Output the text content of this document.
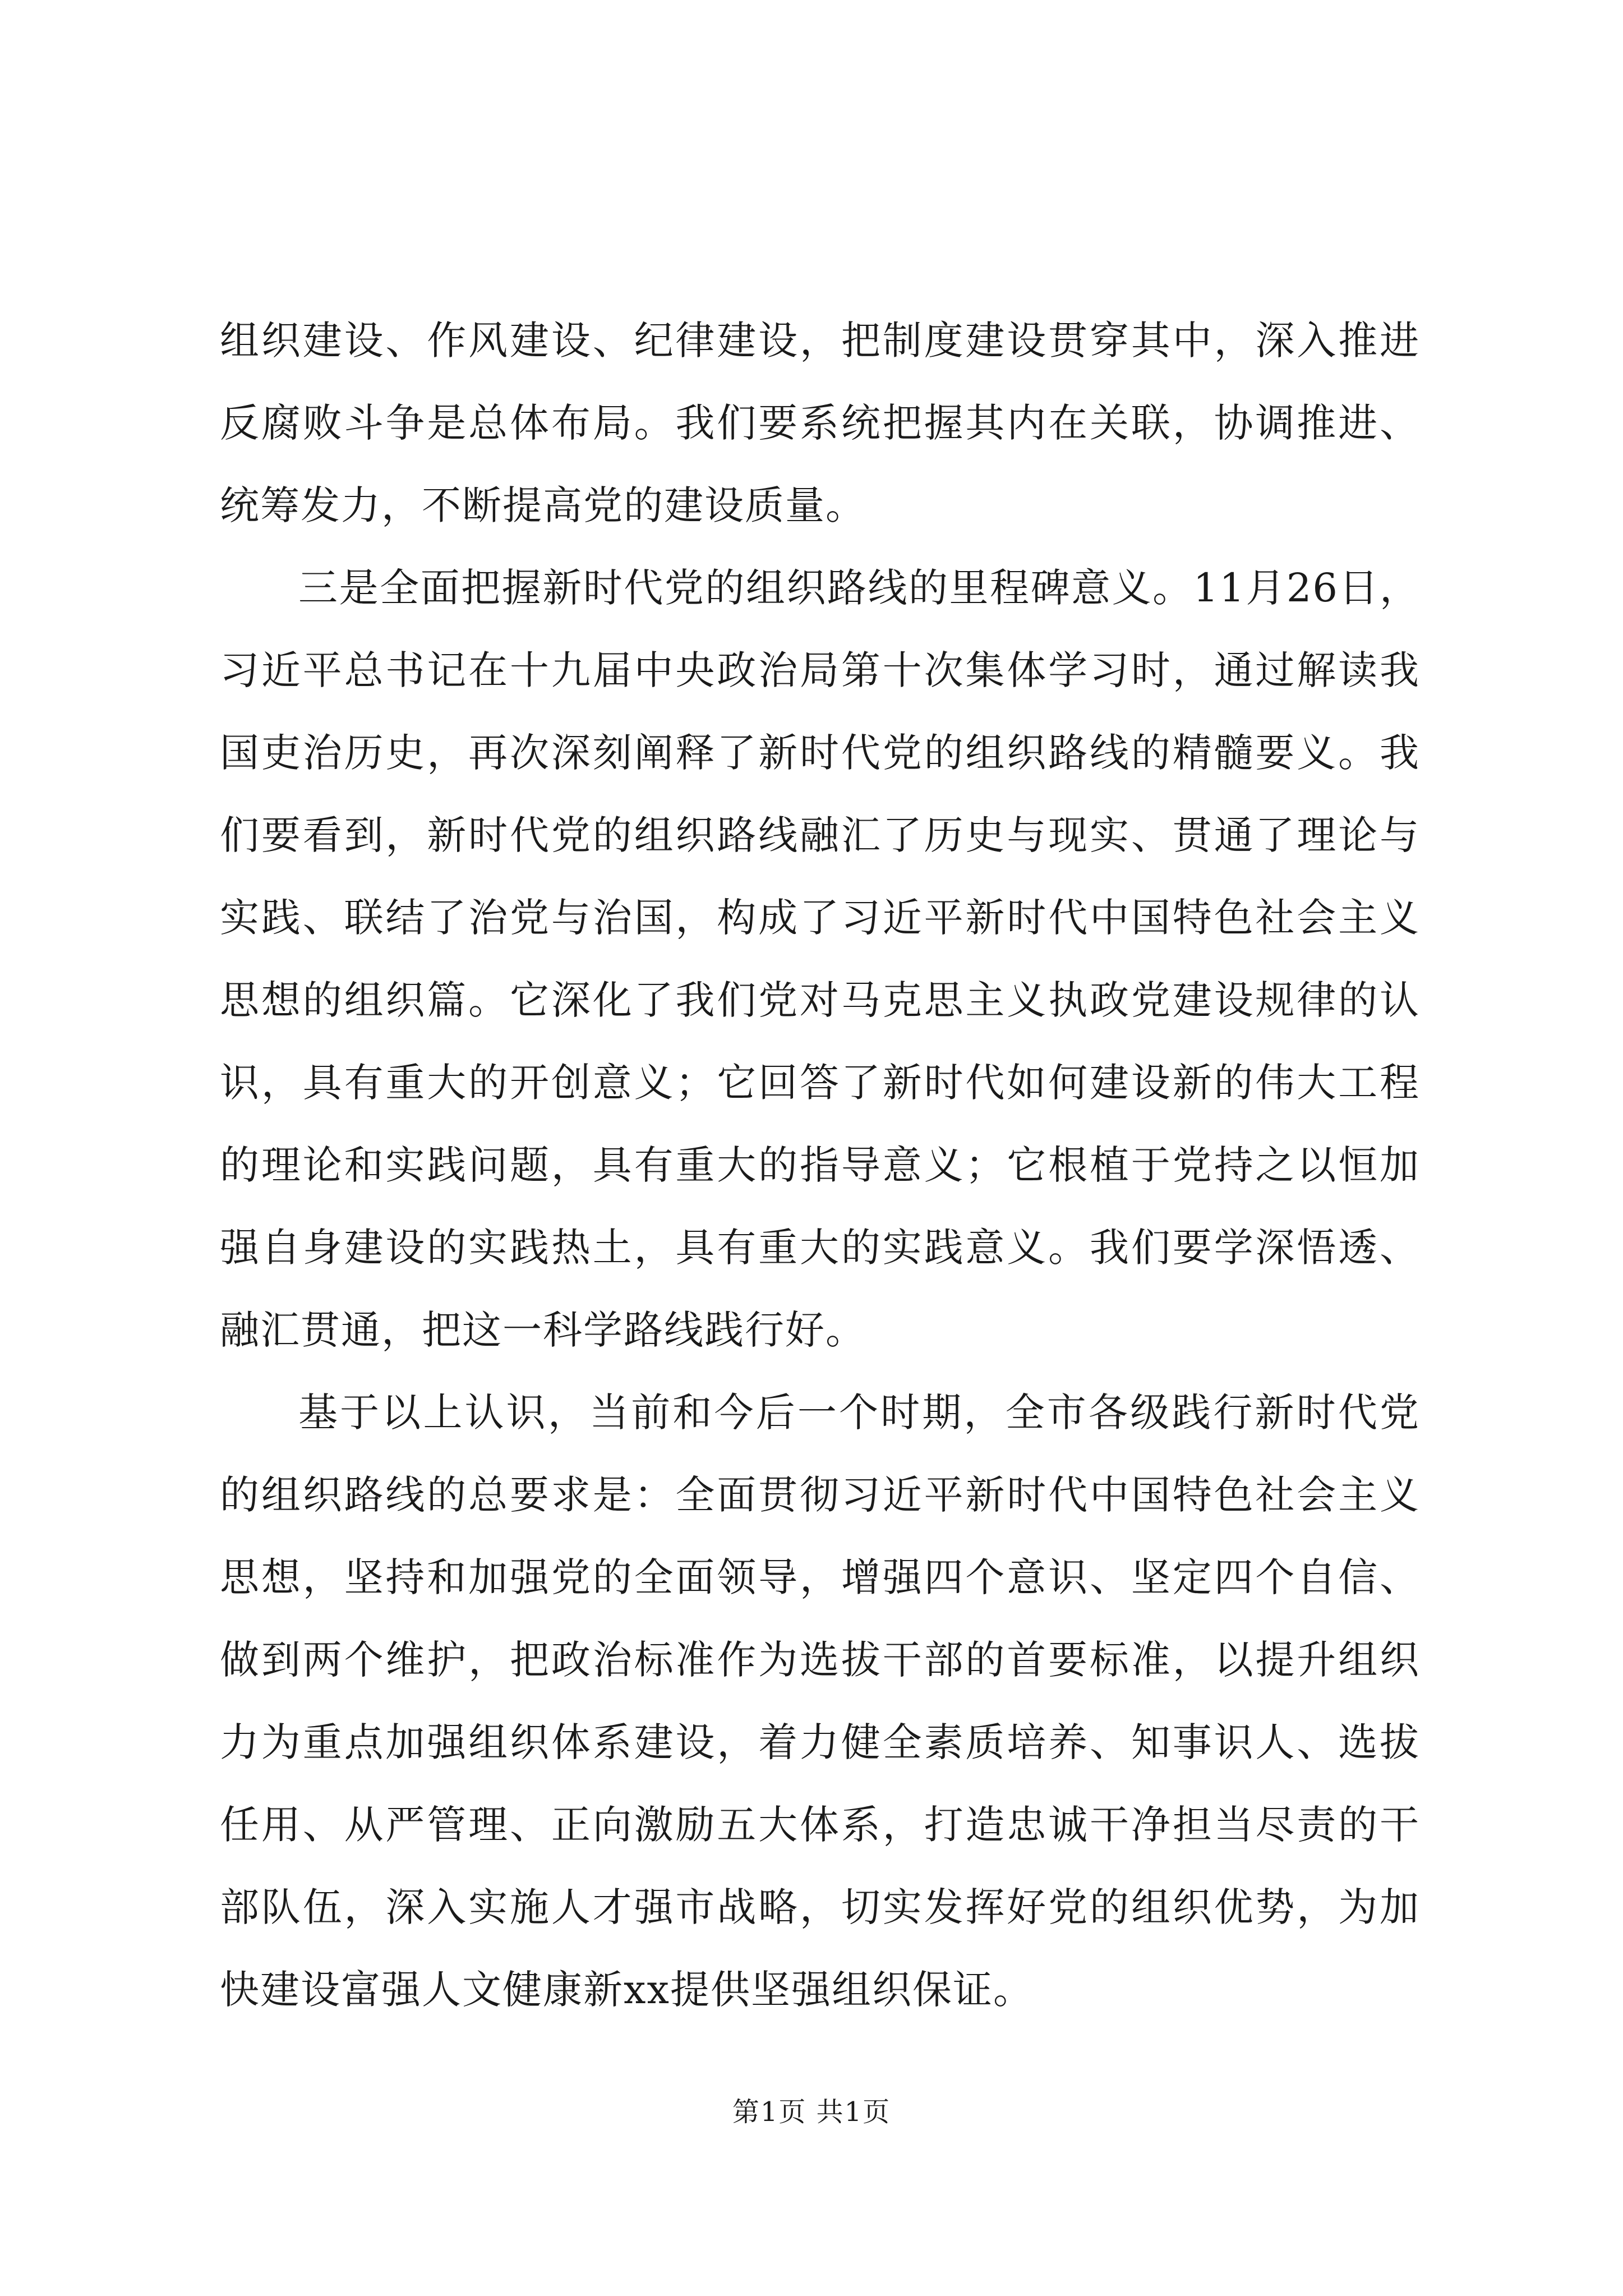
组织建设、作风建设、纪律建设，把制度建设贯穿其中，深入推进反腐败斗争是总体布局。我们要系统把握其内在关联，协调推进、统筹发力，不断提高党的建设质量。

三是全面把握新时代党的组织路线的里程碑意义。11月26日，习近平总书记在十九届中央政治局第十次集体学习时，通过解读我国吏治历史，再次深刻阐释了新时代党的组织路线的精髓要义。我们要看到，新时代党的组织路线融汇了历史与现实、贯通了理论与实践、联结了治党与治国，构成了习近平新时代中国特色社会主义思想的组织篇。它深化了我们党对马克思主义执政党建设规律的认识，具有重大的开创意义；它回答了新时代如何建设新的伟大工程的理论和实践问题，具有重大的指导意义；它根植于党持之以恒加强自身建设的实践热土，具有重大的实践意义。我们要学深悟透、融汇贯通，把这一科学路线践行好。

基于以上认识，当前和今后一个时期，全市各级践行新时代党的组织路线的总要求是：全面贯彻习近平新时代中国特色社会主义思想，坚持和加强党的全面领导，增强四个意识、坚定四个自信、做到两个维护，把政治标准作为选拔干部的首要标准，以提升组织力为重点加强组织体系建设，着力健全素质培养、知事识人、选拔任用、从严管理、正向激励五大体系，打造忠诚干净担当尽责的干部队伍，深入实施人才强市战略，切实发挥好党的组织优势，为加快建设富强人文健康新xx提供坚强组织保证。

第1页 共1页
